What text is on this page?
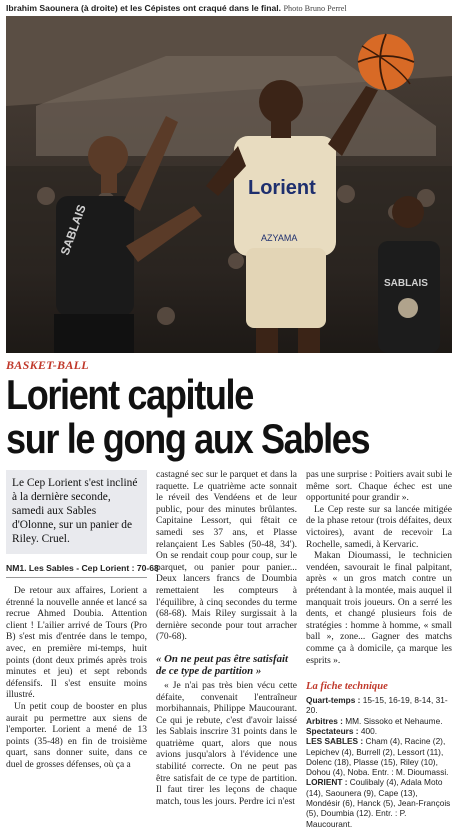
Ibrahim Saounera (à droite) et les Cépistes ont craqué dans le final. Photo Bruno Perrel
Lorient
AZYAMA
SABLAIS
SABLAIS
BASKET-BALL
Lorient capitule
sur le gong aux Sables
Le Cep Lorient s'est incliné à la dernière seconde, samedi aux Sables d'Olonne, sur un panier de Riley. Cruel.
NM1. Les Sables - Cep Lorient : 70-68

De retour aux affaires, Lorient a étrenné la nouvelle année et lancé sa recrue Ahmed Doubia. Attention client ! L'ailier arrivé de Tours (Pro B) s'est mis d'entrée dans le tempo, avec, en première mi-temps, huit points (dont deux primés après trois minutes et jeu) et sept rebonds défensifs. Il s'est ensuite moins illustré.

Un petit coup de booster en plus aurait pu permettre aux siens de l'emporter. Lorient a mené de 13 points (35-48) en fin de troisième quart, sans donner suite, dans ce duel de grosses défenses, où ça a

castagné sec sur le parquet et dans la raquette. Le quatrième acte sonnait le réveil des Vendéens et de leur public, pour des minutes brûlantes. Capitaine Lessort, qui fêtait ce samedi ses 37 ans, et Plasse relançaient Les Sables (50-48, 34'). On se rendait coup pour coup, sur le parquet, ou panier pour panier... Deux lancers francs de Doumbia remettaient les compteurs à l'équilibre, à cinq secondes du terme (68-68). Mais Riley surgissait à la dernière seconde pour tout arracher (70-68).

« On ne peut pas être satisfait de ce type de partition »

« Je n'ai pas très bien vécu cette défaite, convenait l'entraîneur morbihannais, Philippe Maucourant. Ce qui je rebute, c'est d'avoir laissé les Sablais inscrire 31 points dans le quatrième quart, alors que nous avions jusqu'alors à l'évidence une stabilité correcte. On ne peut pas être satisfait de ce type de partition. Il faut tirer les leçons de chaque match, tous les jours. Perdre ici n'est

pas une surprise : Poitiers avait subi le même sort. Chaque échec est une opportunité pour grandir ».

Le Cep reste sur sa lancée mitigée de la phase retour (trois défaites, deux victoires), avant de recevoir La Rochelle, samedi, à Kervaric.

Makan Dioumassi, le technicien vendéen, savourait le final palpitant, après « un gros match contre un prétendant à la montée, mais auquel il manquait trois joueurs. On a serré les dents, et changé plusieurs fois de stratégies : homme à homme, « small ball », zone... Gagner des matchs comme ça à domicile, ça marque les esprits ».

La fiche technique
Quart-temps : 15-15, 16-19, 8-14, 31-20.
Arbitres : MM. Sissoko et Nehaume.
Spectateurs : 400.
LES SABLES : Cham (4), Racine (2), Lepichev (4), Burrell (2), Lessort (11), Dolenc (18), Plasse (15), Riley (10), Dohou (4), Noba. Entr. : M. Dioumassi.
LORIENT : Coulibaly (4), Adala Moto (14), Saounera (9), Cape (13), Mondésir (6), Hanck (5), Jean-François (5), Doumbia (12). Entr. : P. Maucourant.
